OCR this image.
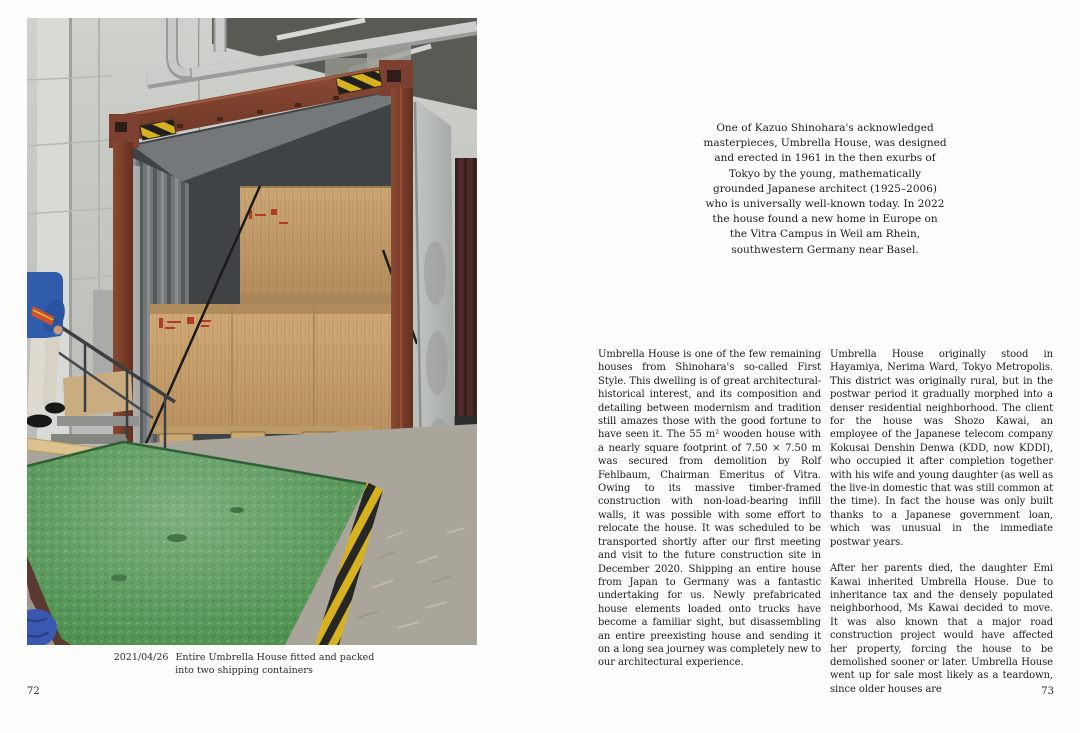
2021/04/26 Entire Umbrella House fitted and packed into two shipping containers
72	73
One of Kazuo Shinohara's acknowledged masterpieces, Umbrella House, was designed and erected in 1961 in the then exurbs of Tokyo by the young, mathematically grounded Japanese architect (1925–2006) who is universally well-known today. In 2022 the house found a new home in Europe on the Vitra Campus in Weil am Rhein, southwestern Germany near Basel.

Umbrella House is one of the few remaining houses from Shinohara's so-called First Style. This dwelling is of great architectural-historical interest, and its composition and detailing between modernism and tradition still amazes those with the good fortune to have seen it. The 55 m² wooden house with a nearly square footprint of 7.50 × 7.50 m was secured from demolition by Rolf Fehlbaum, Chairman Emeritus of Vitra. Owing to its massive timber-framed construction with non-load-bearing infill walls, it was possible with some effort to relocate the house. It was scheduled to be transported shortly after our first meeting and visit to the future construction site in December 2020. Shipping an entire house from Japan to Germany was a fantastic undertaking for us. Newly prefabricated house elements loaded onto trucks have become a familiar sight, but disassembling an entire preexisting house and sending it on a long sea journey was completely new to our architectural experience.

Umbrella House originally stood in Hayamiya, Nerima Ward, Tokyo Metropolis. This district was originally rural, but in the postwar period it gradually morphed into a denser residential neighborhood. The client for the house was Shozo Kawai, an employee of the Japanese telecom company Kokusai Denshin Denwa (KDD, now KDDI), who occupied it after completion together with his wife and young daughter (as well as the live-in domestic that was still common at the time). In fact the house was only built thanks to a Japanese government loan, which was unusual in the immediate postwar years.

After her parents died, the daughter Emi Kawai inherited Umbrella House. Due to inheritance tax and the densely populated neighborhood, Ms Kawai decided to move. It was also known that a major road construction project would have affected her property, forcing the house to be demolished sooner or later. Umbrella House went up for sale most likely as a teardown, since older houses are
